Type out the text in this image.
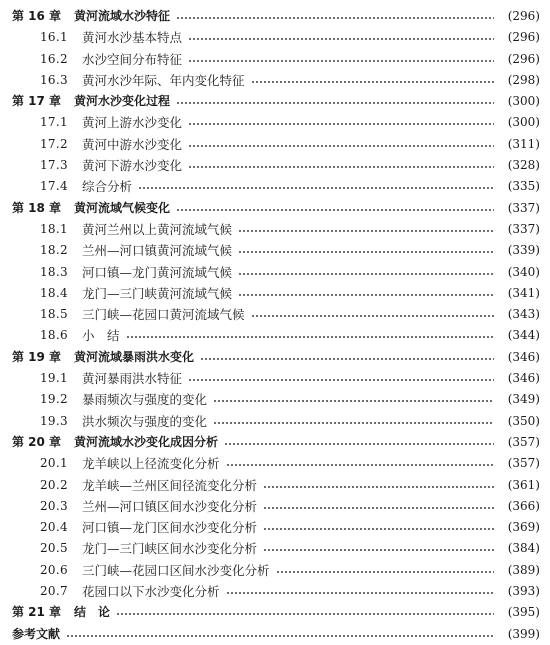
第 16 章	黄河流域水沙特征	(296)
16.1	黄河水沙基本特点	(296)
16.2	水沙空间分布特征	(296)
16.3	黄河水沙年际、年内变化特征	(298)
第 17 章	黄河水沙变化过程	(300)
17.1	黄河上游水沙变化	(300)
17.2	黄河中游水沙变化	(311)
17.3	黄河下游水沙变化	(328)
17.4	综合分析	(335)
第 18 章	黄河流域气候变化	(337)
18.1	黄河兰州以上黄河流域气候	(337)
18.2	兰州—河口镇黄河流域气候	(339)
18.3	河口镇—龙门黄河流域气候	(340)
18.4	龙门—三门峡黄河流域气候	(341)
18.5	三门峡—花园口黄河流域气候	(343)
18.6	小　结	(344)
第 19 章	黄河流域暴雨洪水变化	(346)
19.1	黄河暴雨洪水特征	(346)
19.2	暴雨频次与强度的变化	(349)
19.3	洪水频次与强度的变化	(350)
第 20 章	黄河流域水沙变化成因分析	(357)
20.1	龙羊峡以上径流变化分析	(357)
20.2	龙羊峡—兰州区间径流变化分析	(361)
20.3	兰州—河口镇区间水沙变化分析	(366)
20.4	河口镇—龙门区间水沙变化分析	(369)
20.5	龙门—三门峡区间水沙变化分析	(384)
20.6	三门峡—花园口区间水沙变化分析	(389)
20.7	花园口以下水沙变化分析	(393)
第 21 章	结　论	(395)
参考文献	(399)
